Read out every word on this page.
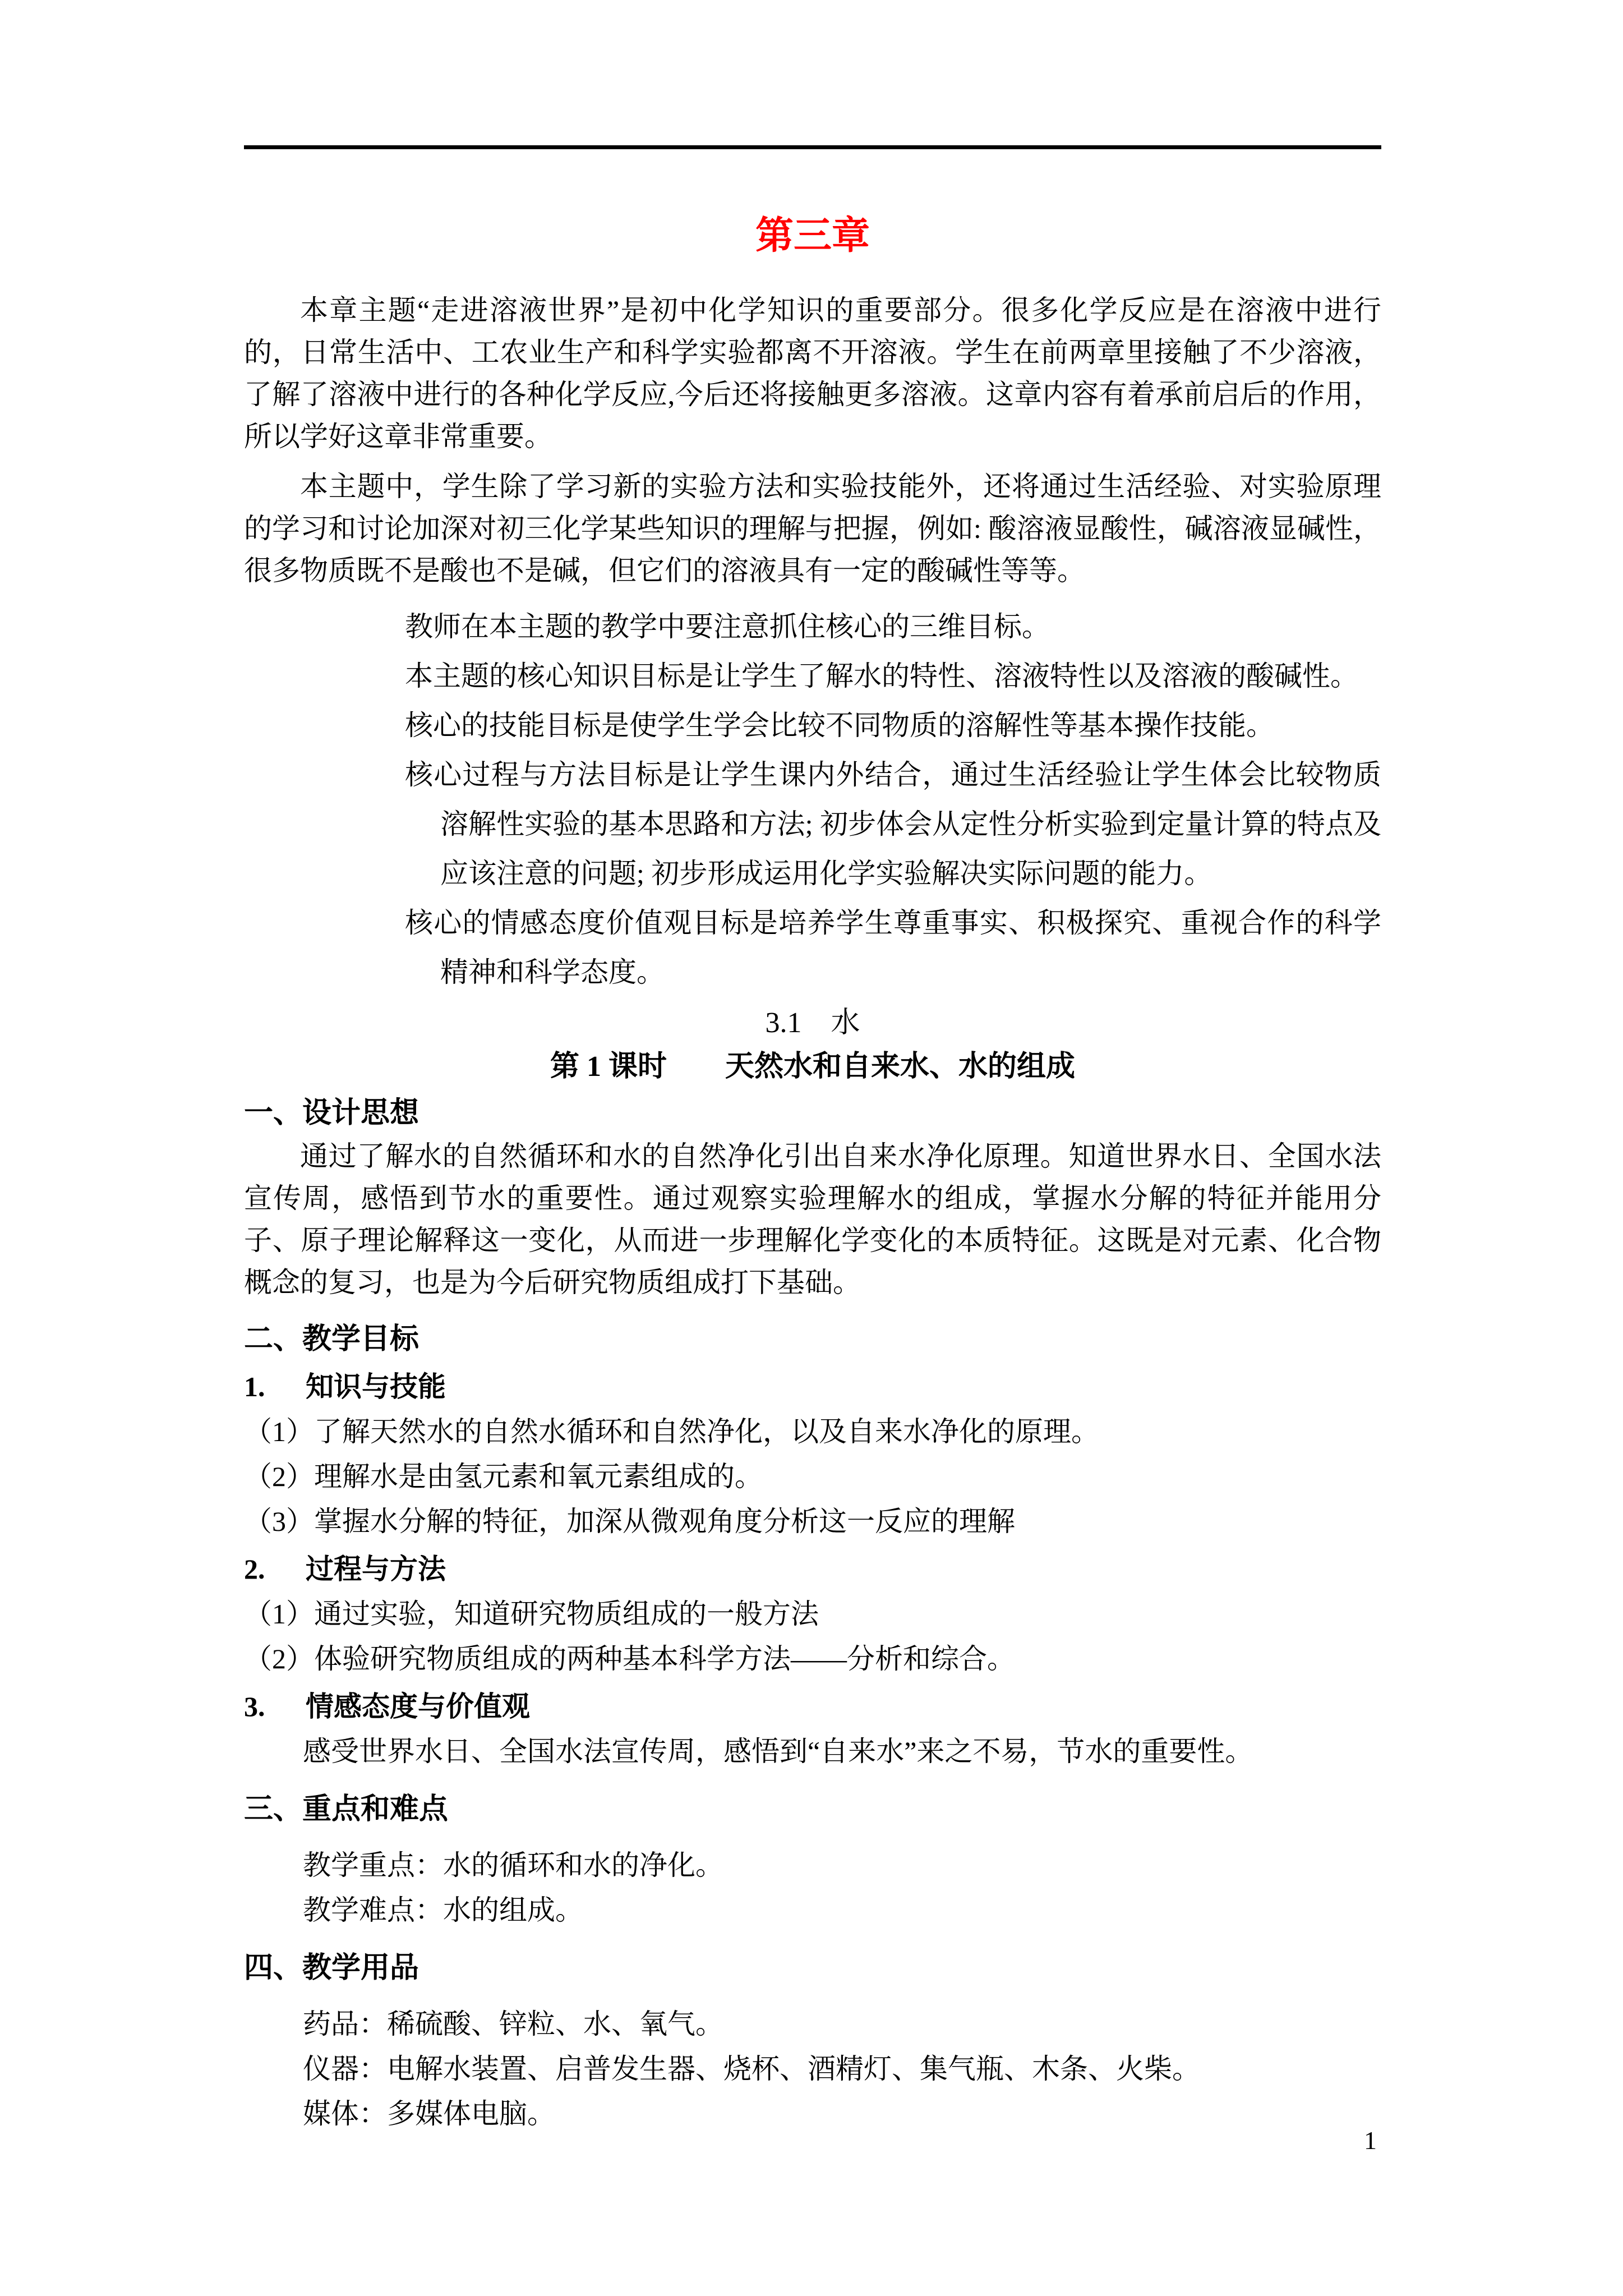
第三章

本章主题“走进溶液世界”是初中化学知识的重要部分。很多化学反应是在溶液中进行的，日常生活中、工农业生产和科学实验都离不开溶液。学生在前两章里接触了不少溶液，了解了溶液中进行的各种化学反应,今后还将接触更多溶液。这章内容有着承前启后的作用，所以学好这章非常重要。

本主题中，学生除了学习新的实验方法和实验技能外，还将通过生活经验、对实验原理的学习和讨论加深对初三化学某些知识的理解与把握，例如: 酸溶液显酸性，碱溶液显碱性，很多物质既不是酸也不是碱，但它们的溶液具有一定的酸碱性等等。

教师在本主题的教学中要注意抓住核心的三维目标。

本主题的核心知识目标是让学生了解水的特性、溶液特性以及溶液的酸碱性。

核心的技能目标是使学生学会比较不同物质的溶解性等基本操作技能。

核心过程与方法目标是让学生课内外结合，通过生活经验让学生体会比较物质溶解性实验的基本思路和方法; 初步体会从定性分析实验到定量计算的特点及应该注意的问题; 初步形成运用化学实验解决实际问题的能力。

核心的情感态度价值观目标是培养学生尊重事实、积极探究、重视合作的科学精神和科学态度。

3.1　水
第 1 课时　　天然水和自来水、水的组成
一、设计思想

通过了解水的自然循环和水的自然净化引出自来水净化原理。知道世界水日、全国水法宣传周，感悟到节水的重要性。通过观察实验理解水的组成，掌握水分解的特征并能用分子、原子理论解释这一变化，从而进一步理解化学变化的本质特征。这既是对元素、化合物概念的复习，也是为今后研究物质组成打下基础。

二、教学目标

1. 知识与技能

（1）了解天然水的自然水循环和自然净化，以及自来水净化的原理。

（2）理解水是由氢元素和氧元素组成的。

（3）掌握水分解的特征，加深从微观角度分析这一反应的理解

2. 过程与方法

（1）通过实验，知道研究物质组成的一般方法

（2）体验研究物质组成的两种基本科学方法——分析和综合。

3. 情感态度与价值观

感受世界水日、全国水法宣传周，感悟到“自来水”来之不易，节水的重要性。

三、重点和难点

教学重点：水的循环和水的净化。

教学难点：水的组成。

四、教学用品

药品：稀硫酸、锌粒、水、氧气。

仪器：电解水装置、启普发生器、烧杯、酒精灯、集气瓶、木条、火柴。

媒体：多媒体电脑。

1
